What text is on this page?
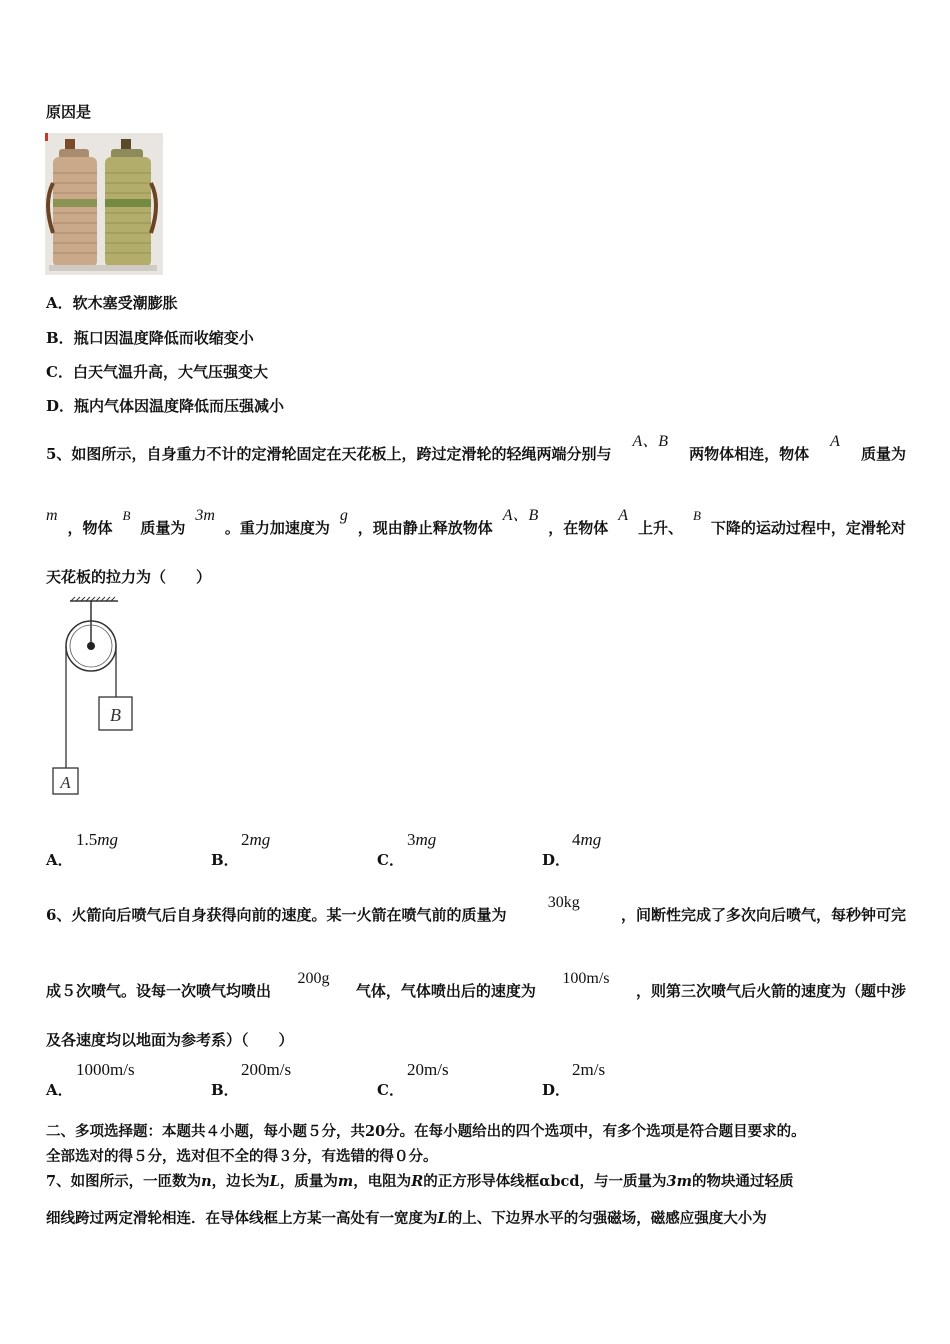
原因是
A．软木塞受潮膨胀
B．瓶口因温度降低而收缩变小
C．白天气温升高，大气压强变大
D．瓶内气体因温度降低而压强减小
5、如图所示，自身重力不计的定滑轮固定在天花板上，跨过定滑轮的轻绳两端分别与
A、B
两物体相连，物体
A
质量为
m
，物体
B
质量为
3m
。重力加速度为
g
，现由静止释放物体
A、B
，在物体
A
上升、
B
下降的运动过程中，定滑轮对
天花板的拉力为（　　）
B
A
A．
1.5mg
B．
2mg
C．
3mg
D．
4mg
6、火箭向后喷气后自身获得向前的速度。某一火箭在喷气前的质量为
30kg
，间断性完成了多次向后喷气，每秒钟可完
成５次喷气。设每一次喷气均喷出
200g
气体，气体喷出后的速度为
100m/s
，则第三次喷气后火箭的速度为（题中涉
及各速度均以地面为参考系）（　　）
A．
1000m/s
B．
200m/s
C．
20m/s
D．
2m/s
二、多项选择题：本题共４小题，每小题５分，共20分。在每小题给出的四个选项中，有多个选项是符合题目要求的。
全部选对的得５分，选对但不全的得３分，有选错的得０分。
7、如图所示，一匝数为n，边长为L，质量为m，电阻为R的正方形导体线框αbcd，与一质量为3m的物块通过轻质
细线跨过两定滑轮相连．在导体线框上方某一高处有一宽度为L的上、下边界水平的匀强磁场，磁感应强度大小为
